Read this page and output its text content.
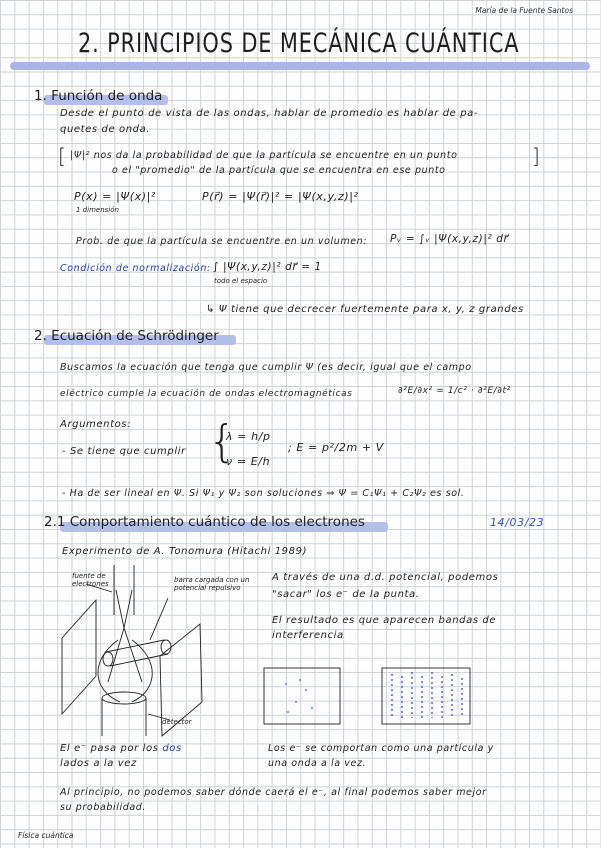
María de la Fuente Santos
2. PRINCIPIOS DE MECÁNICA CUÁNTICA
1. Función de onda
Desde el punto de vista de las ondas, hablar de promedio es hablar de pa-
quetes de onda.
[	]
|Ψ|² nos da la probabilidad de que la partícula se encuentre en un punto
o el "promedio" de la partícula que se encuentra en ese punto
P(x) = |Ψ(x)|²
1 dimensión
P(r⃗) = |Ψ(r⃗)|² = |Ψ(x,y,z)|²
Prob. de que la partícula se encuentre en un volumen: Pᵥ = ∫ᵥ |Ψ(x,y,z)|² dr⃗
Condición de normalización: ∫ |Ψ(x,y,z)|² dr⃗ = 1
todo el espacio
↳ Ψ tiene que decrecer fuertemente para x, y, z grandes
2. Ecuación de Schrödinger
Buscamos la ecuación que tenga que cumplir Ψ (es decir, igual que el campo
eléctrico cumple la ecuación de ondas electromagnéticas	∂²E/∂x² = 1/c² · ∂²E/∂t²
Argumentos:
- Se tiene que cumplir {
λ = h/p
ν = E/h
; E = p²/2m + V
- Ha de ser lineal en Ψ. Si Ψ₁ y Ψ₂ son soluciones ⇒ Ψ = C₁Ψ₁ + C₂Ψ₂ es sol.
2.1 Comportamiento cuántico de los electrones	14/03/23
Experimento de A. Tonomura (Hitachi 1989)
fuente de electrones	barra cargada con un potencial repulsivo
detector
A través de una d.d. potencial, podemos
"sacar" los e⁻ de la punta.
El resultado es que aparecen bandas de
interferencia
El e⁻ pasa por los dos
lados a la vez
Los e⁻ se comportan como una partícula y
una onda a la vez.
Al principio, no podemos saber dónde caerá el e⁻, al final podemos saber mejor
su probabilidad.
Física cuántica
